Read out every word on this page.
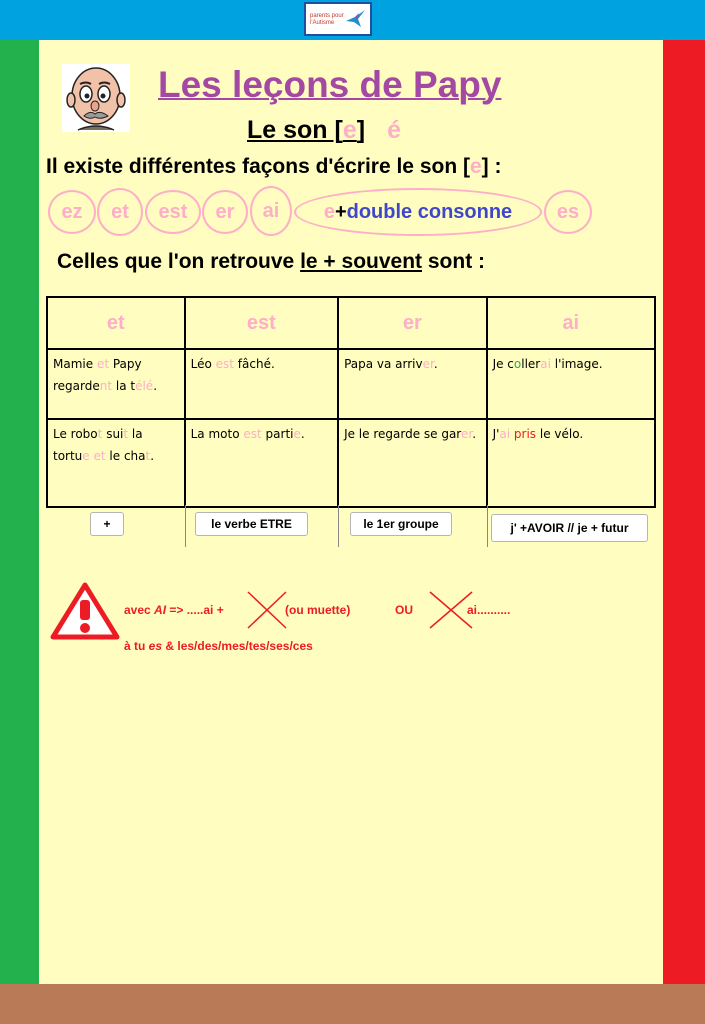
parents pour
l'Autisme
Les leçons de Papy
Le son [e] é
Il existe différentes façons d'écrire le son [e] :
ez et est er ai e + double consonne es
Celles que l'on retrouve le + souvent sont :
et	est	er	ai
Mamie et Papy regardent la télé.	Léo est fâché.	Papa va arriver.	Je collerai l'image.
Le robot suit la tortue et le chat.	La moto est partie.	Je le regarde se garer.	J'ai pris le vélo.
+	le verbe ETRE	le 1er groupe	j' +AVOIR // je + futur
avec AI => .....ai +	(ou muette)	OU	ai..........
à tu es & les/des/mes/tes/ses/ces
